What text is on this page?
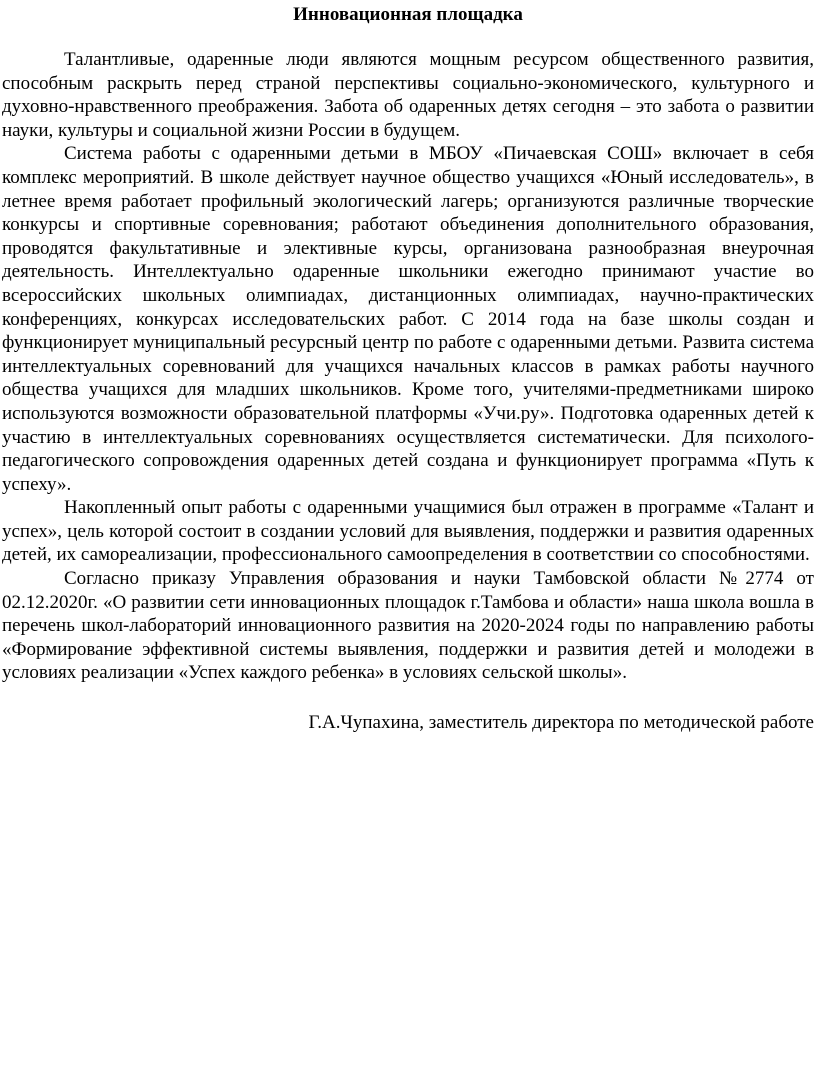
Инновационная площадка

Талантливые, одаренные люди являются мощным ресурсом общественного развития, способным раскрыть перед страной перспективы социально-экономического, культурного и духовно-нравственного преображения. Забота об одаренных детях сегодня – это забота о развитии науки, культуры и социальной жизни России в будущем.

Система работы с одаренными детьми в МБОУ «Пичаевская СОШ» включает в себя комплекс мероприятий. В школе действует научное общество учащихся «Юный исследователь», в летнее время работает профильный экологический лагерь; организуются различные творческие конкурсы и спортивные соревнования; работают объединения дополнительного образования, проводятся факультативные и элективные курсы, организована разнообразная внеурочная деятельность. Интеллектуально одаренные школьники ежегодно принимают участие во всероссийских школьных олимпиадах, дистанционных олимпиадах, научно-практических конференциях, конкурсах исследовательских работ. С 2014 года на базе школы создан и функционирует муниципальный ресурсный центр по работе с одаренными детьми. Развита система интеллектуальных соревнований для учащихся начальных классов в рамках работы научного общества учащихся для младших школьников. Кроме того, учителями-предметниками широко используются возможности образовательной платформы «Учи.ру». Подготовка одаренных детей к участию в интеллектуальных соревнованиях осуществляется систематически. Для психолого-педагогического сопровождения одаренных детей создана и функционирует программа «Путь к успеху».

Накопленный опыт работы с одаренными учащимися был отражен в программе «Талант и успех», цель которой состоит в создании условий для выявления, поддержки и развития одаренных детей, их самореализации, профессионального самоопределения в соответствии со способностями.

Согласно приказу Управления образования и науки Тамбовской области №2774 от 02.12.2020г. «О развитии сети инновационных площадок г.Тамбова и области» наша школа вошла в перечень школ-лабораторий инновационного развития на 2020-2024 годы по направлению работы «Формирование эффективной системы выявления, поддержки и развития детей и молодежи в условиях реализации «Успех каждого ребенка» в условиях сельской школы».

Г.А.Чупахина, заместитель директора по методической работе
